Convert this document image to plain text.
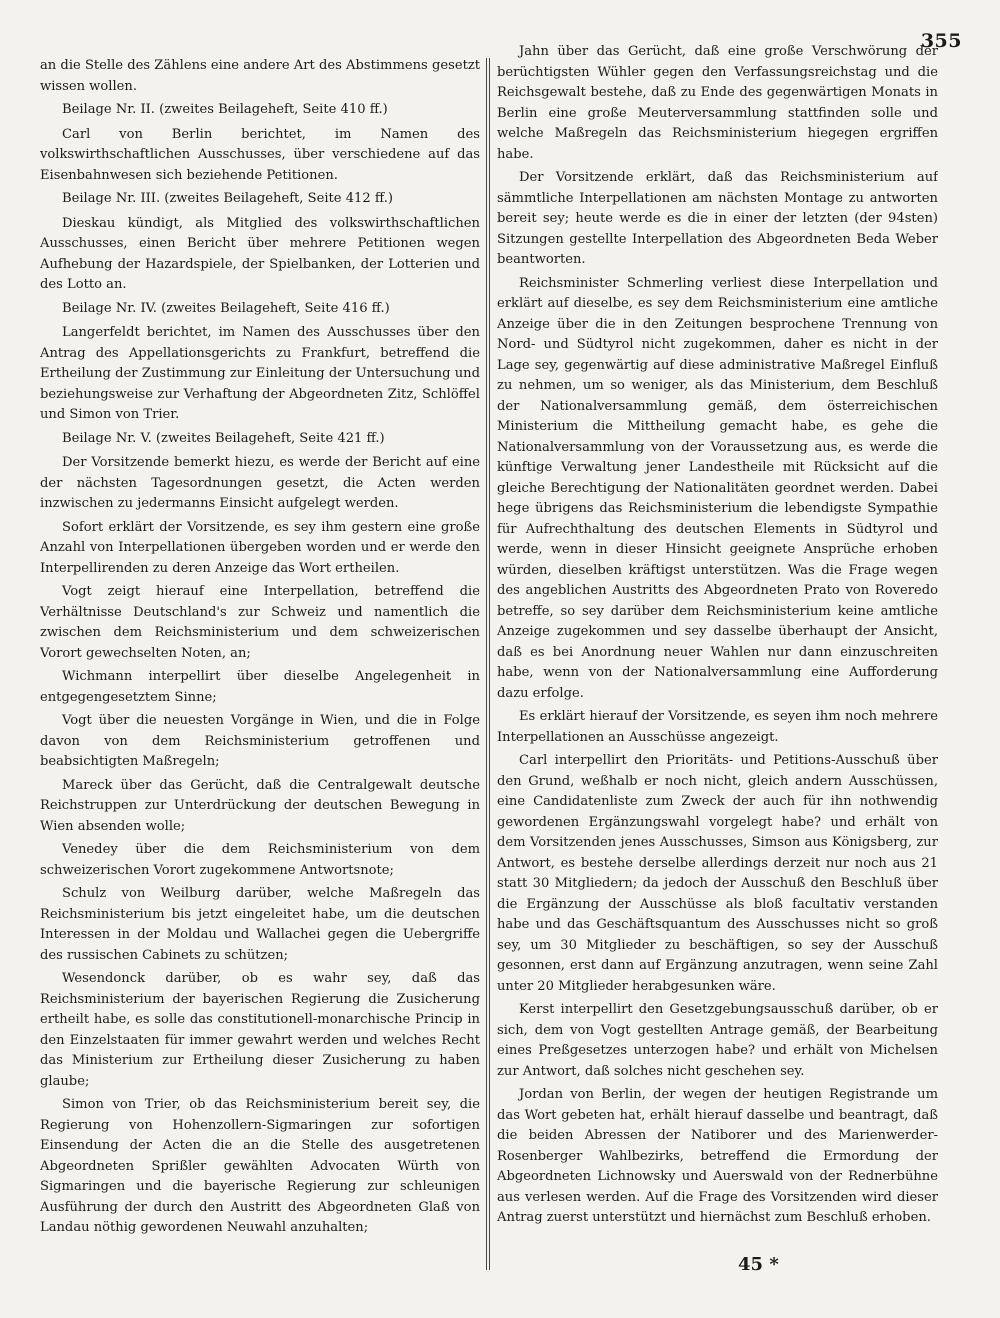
355

an die Stelle des Zählens eine andere Art des Abstimmens gesetzt wissen wollen.

Beilage Nr. II. (zweites Beilageheft, Seite 410 ff.)

Carl von Berlin berichtet, im Namen des volkswirthschaftlichen Ausschusses, über verschiedene auf das Eisenbahnwesen sich beziehende Petitionen.

Beilage Nr. III. (zweites Beilageheft, Seite 412 ff.)

Dieskau kündigt, als Mitglied des volkswirthschaftlichen Ausschusses, einen Bericht über mehrere Petitionen wegen Aufhebung der Hazardspiele, der Spielbanken, der Lotterien und des Lotto an.

Beilage Nr. IV. (zweites Beilageheft, Seite 416 ff.)

Langerfeldt berichtet, im Namen des Ausschusses über den Antrag des Appellationsgerichts zu Frankfurt, betreffend die Ertheilung der Zustimmung zur Einleitung der Untersuchung und beziehungsweise zur Verhaftung der Abgeordneten Zitz, Schlöffel und Simon von Trier.

Beilage Nr. V. (zweites Beilageheft, Seite 421 ff.)

Der Vorsitzende bemerkt hiezu, es werde der Bericht auf eine der nächsten Tagesordnungen gesetzt, die Acten werden inzwischen zu jedermanns Einsicht aufgelegt werden.

Sofort erklärt der Vorsitzende, es sey ihm gestern eine große Anzahl von Interpellationen übergeben worden und er werde den Interpellirenden zu deren Anzeige das Wort ertheilen.

Vogt zeigt hierauf eine Interpellation, betreffend die Verhältnisse Deutschland's zur Schweiz und namentlich die zwischen dem Reichsministerium und dem schweizerischen Vorort gewechselten Noten, an;

Wichmann interpellirt über dieselbe Angelegenheit in entgegengesetztem Sinne;

Vogt über die neuesten Vorgänge in Wien, und die in Folge davon von dem Reichsministerium getroffenen und beabsichtigten Maßregeln;

Mareck über das Gerücht, daß die Centralgewalt deutsche Reichstruppen zur Unterdrückung der deutschen Bewegung in Wien absenden wolle;

Venedey über die dem Reichsministerium von dem schweizerischen Vorort zugekommene Antwortsnote;

Schulz von Weilburg darüber, welche Maßregeln das Reichsministerium bis jetzt eingeleitet habe, um die deutschen Interessen in der Moldau und Wallachei gegen die Uebergriffe des russischen Cabinets zu schützen;

Wesendonck darüber, ob es wahr sey, daß das Reichsministerium der bayerischen Regierung die Zusicherung ertheilt habe, es solle das constitutionell-monarchische Princip in den Einzelstaaten für immer gewahrt werden und welches Recht das Ministerium zur Ertheilung dieser Zusicherung zu haben glaube;

Simon von Trier, ob das Reichsministerium bereit sey, die Regierung von Hohenzollern-Sigmaringen zur sofortigen Einsendung der Acten die an die Stelle des ausgetretenen Abgeordneten Sprißler gewählten Advocaten Würth von Sigmaringen und die bayerische Regierung zur schleunigen Ausführung der durch den Austritt des Abgeordneten Glaß von Landau nöthig gewordenen Neuwahl anzuhalten;

Jahn über das Gerücht, daß eine große Verschwörung der berüchtigsten Wühler gegen den Verfassungsreichstag und die Reichsgewalt bestehe, daß zu Ende des gegenwärtigen Monats in Berlin eine große Meuterversammlung stattfinden solle und welche Maßregeln das Reichsministerium hiegegen ergriffen habe.

Der Vorsitzende erklärt, daß das Reichsministerium auf sämmtliche Interpellationen am nächsten Montage zu antworten bereit sey; heute werde es die in einer der letzten (der 94sten) Sitzungen gestellte Interpellation des Abgeordneten Beda Weber beantworten.

Reichsminister Schmerling verliest diese Interpellation und erklärt auf dieselbe, es sey dem Reichsministerium eine amtliche Anzeige über die in den Zeitungen besprochene Trennung von Nord- und Südtyrol nicht zugekommen, daher es nicht in der Lage sey, gegenwärtig auf diese administrative Maßregel Einfluß zu nehmen, um so weniger, als das Ministerium, dem Beschluß der Nationalversammlung gemäß, dem österreichischen Ministerium die Mittheilung gemacht habe, es gehe die Nationalversammlung von der Voraussetzung aus, es werde die künftige Verwaltung jener Landestheile mit Rücksicht auf die gleiche Berechtigung der Nationalitäten geordnet werden. Dabei hege übrigens das Reichsministerium die lebendigste Sympathie für Aufrechthaltung des deutschen Elements in Südtyrol und werde, wenn in dieser Hinsicht geeignete Ansprüche erhoben würden, dieselben kräftigst unterstützen. Was die Frage wegen des angeblichen Austritts des Abgeordneten Prato von Roveredo betreffe, so sey darüber dem Reichsministerium keine amtliche Anzeige zugekommen und sey dasselbe überhaupt der Ansicht, daß es bei Anordnung neuer Wahlen nur dann einzuschreiten habe, wenn von der Nationalversammlung eine Aufforderung dazu erfolge.

Es erklärt hierauf der Vorsitzende, es seyen ihm noch mehrere Interpellationen an Ausschüsse angezeigt.

Carl interpellirt den Prioritäts- und Petitions-Ausschuß über den Grund, weßhalb er noch nicht, gleich andern Ausschüssen, eine Candidatenliste zum Zweck der auch für ihn nothwendig gewordenen Ergänzungswahl vorgelegt habe? und erhält von dem Vorsitzenden jenes Ausschusses, Simson aus Königsberg, zur Antwort, es bestehe derselbe allerdings derzeit nur noch aus 21 statt 30 Mitgliedern; da jedoch der Ausschuß den Beschluß über die Ergänzung der Ausschüsse als bloß facultativ verstanden habe und das Geschäftsquantum des Ausschusses nicht so groß sey, um 30 Mitglieder zu beschäftigen, so sey der Ausschuß gesonnen, erst dann auf Ergänzung anzutragen, wenn seine Zahl unter 20 Mitglieder herabgesunken wäre.

Kerst interpellirt den Gesetzgebungsausschuß darüber, ob er sich, dem von Vogt gestellten Antrage gemäß, der Bearbeitung eines Preßgesetzes unterzogen habe? und erhält von Michelsen zur Antwort, daß solches nicht geschehen sey.

Jordan von Berlin, der wegen der heutigen Registrande um das Wort gebeten hat, erhält hierauf dasselbe und beantragt, daß die beiden Abressen der Natiborer und des Marienwerder-Rosenberger Wahlbezirks, betreffend die Ermordung der Abgeordneten Lichnowsky und Auerswald von der Rednerbühne aus verlesen werden. Auf die Frage des Vorsitzenden wird dieser Antrag zuerst unterstützt und hiernächst zum Beschluß erhoben.

45 *
